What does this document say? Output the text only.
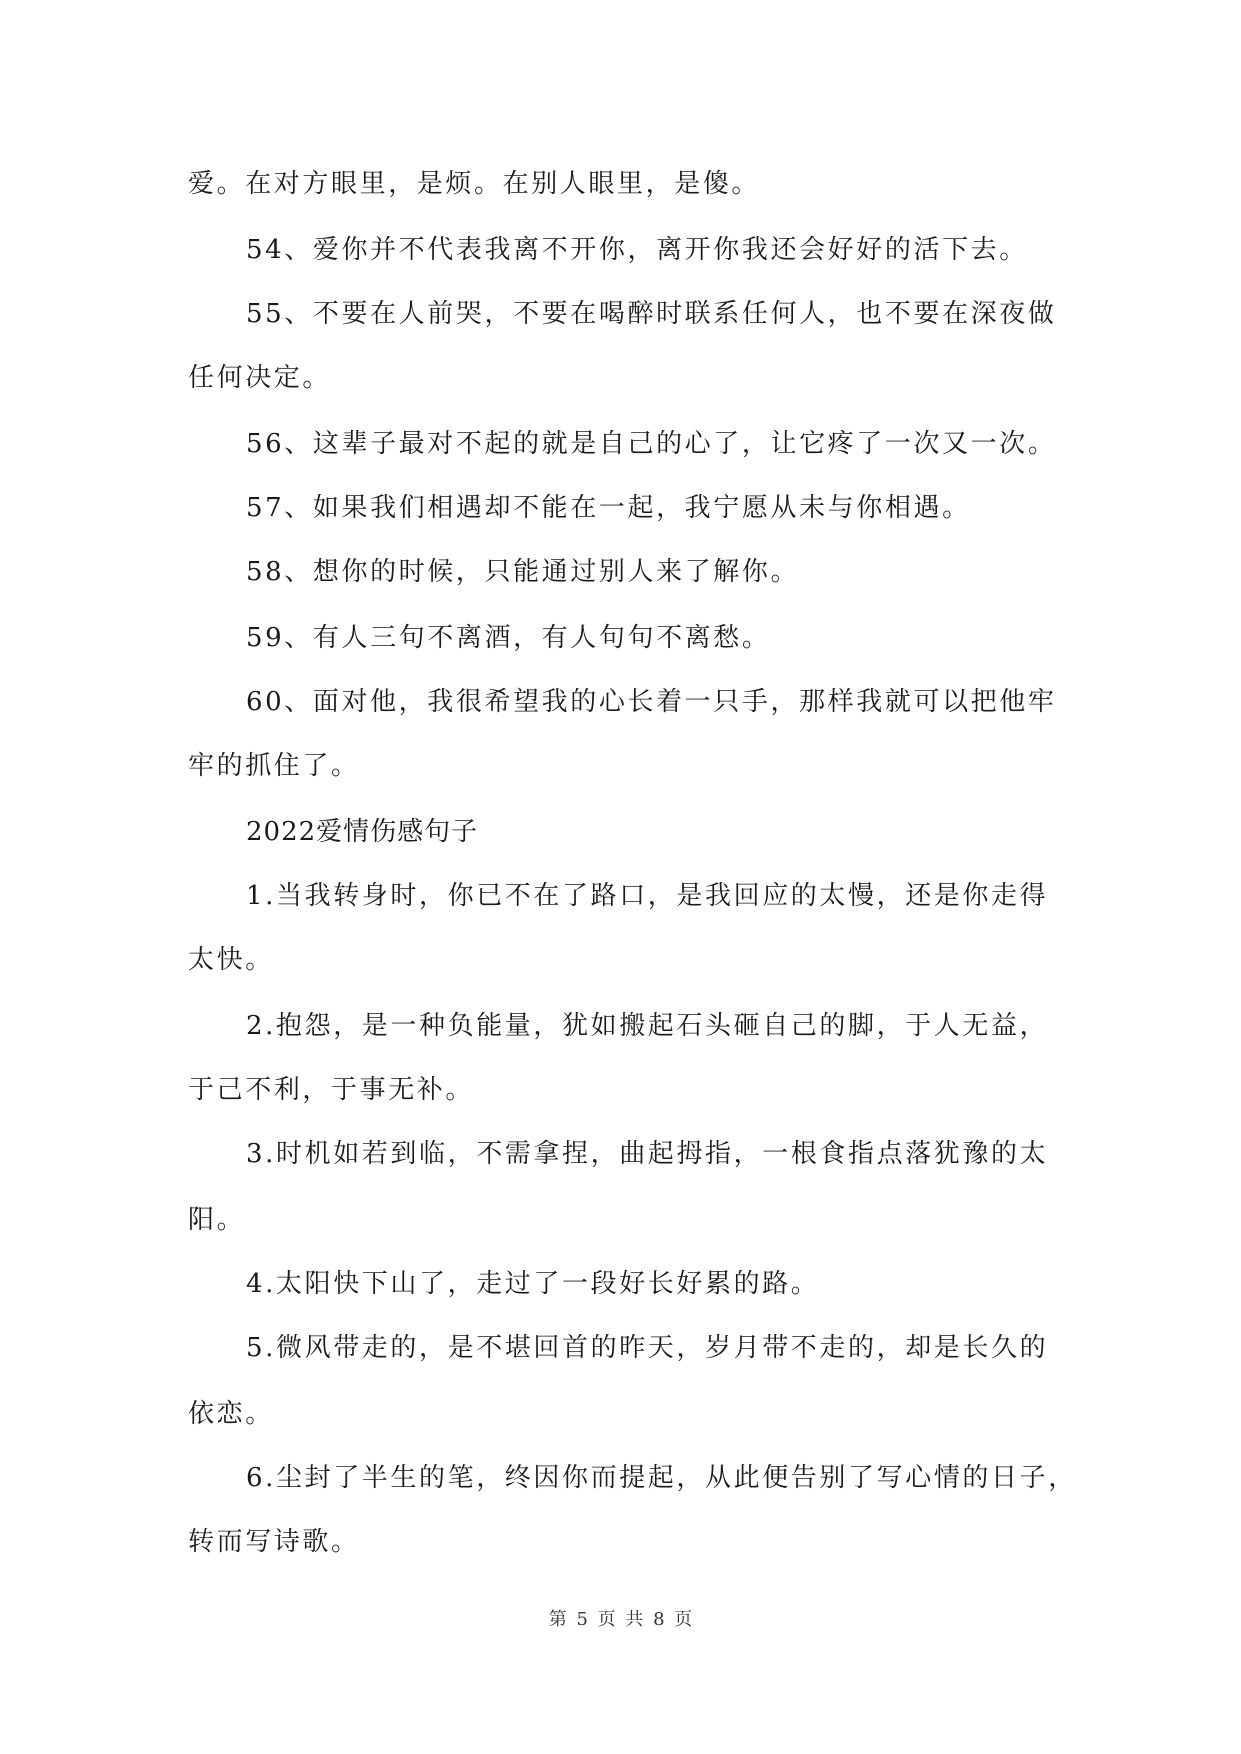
爱。在对方眼里，是烦。在别人眼里，是傻。
54、爱你并不代表我离不开你，离开你我还会好好的活下去。
55、不要在人前哭，不要在喝醉时联系任何人，也不要在深夜做
任何决定。
56、这辈子最对不起的就是自己的心了，让它疼了一次又一次。
57、如果我们相遇却不能在一起，我宁愿从未与你相遇。
58、想你的时候，只能通过别人来了解你。
59、有人三句不离酒，有人句句不离愁。
60、面对他，我很希望我的心长着一只手，那样我就可以把他牢
牢的抓住了。
2022爱情伤感句子
1.当我转身时，你已不在了路口，是我回应的太慢，还是你走得
太快。
2.抱怨，是一种负能量，犹如搬起石头砸自己的脚，于人无益，
于己不利，于事无补。
3.时机如若到临，不需拿捏，曲起拇指，一根食指点落犹豫的太
阳。
4.太阳快下山了，走过了一段好长好累的路。
5.微风带走的，是不堪回首的昨天，岁月带不走的，却是长久的
依恋。
6.尘封了半生的笔，终因你而提起，从此便告别了写心情的日子，
转而写诗歌。
第 5 页 共 8 页
